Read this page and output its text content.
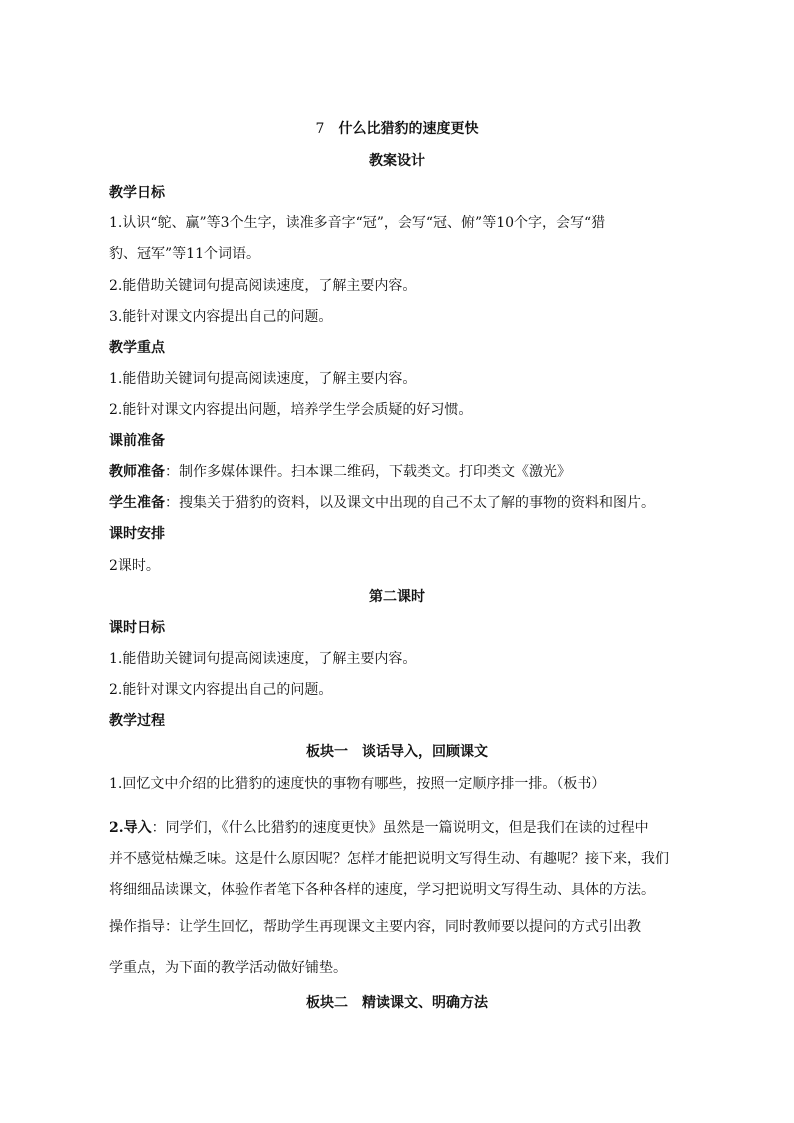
7 什么比猎豹的速度更快
教案设计
教学日标
1.认识“鸵、赢”等3个生字，读准多音字“冠”，会写“冠、俯”等10个字，会写“猎
豹、冠军”等11个词语。
2.能借助关键词句提高阅读速度，了解主要内容。
3.能针对课文内容提出自己的问题。
教学重点
1.能借助关键词句提高阅读速度，了解主要内容。
2.能针对课文内容提出问题，培养学生学会质疑的好习惯。
课前准备
教师准备：制作多媒体课件。扫本课二维码，下载类文。打印类文《激光》
学生准备：搜集关于猎豹的资料，以及课文中出现的自己不太了解的事物的资料和图片。
课时安排
2课时。
第二课时
课时日标
1.能借助关键词句提高阅读速度，了解主要内容。
2.能针对课文内容提出自己的问题。
教学过程
板块一　谈话导入，回顾课文
1.回忆文中介绍的比猎豹的速度快的事物有哪些，按照一定顺序排一排。（板书）
2.导入：同学们，《什么比猎豹的速度更快》虽然是一篇说明文，但是我们在读的过程中
并不感觉枯燥乏味。这是什么原因呢？怎样才能把说明文写得生动、有趣呢？接下来，我们
将细细品读课文，体验作者笔下各种各样的速度，学习把说明文写得生动、具体的方法。
操作指导：让学生回忆，帮助学生再现课文主要内容，同时教师要以提问的方式引出教
学重点，为下面的教学活动做好铺垫。
板块二　精读课文、明确方法
